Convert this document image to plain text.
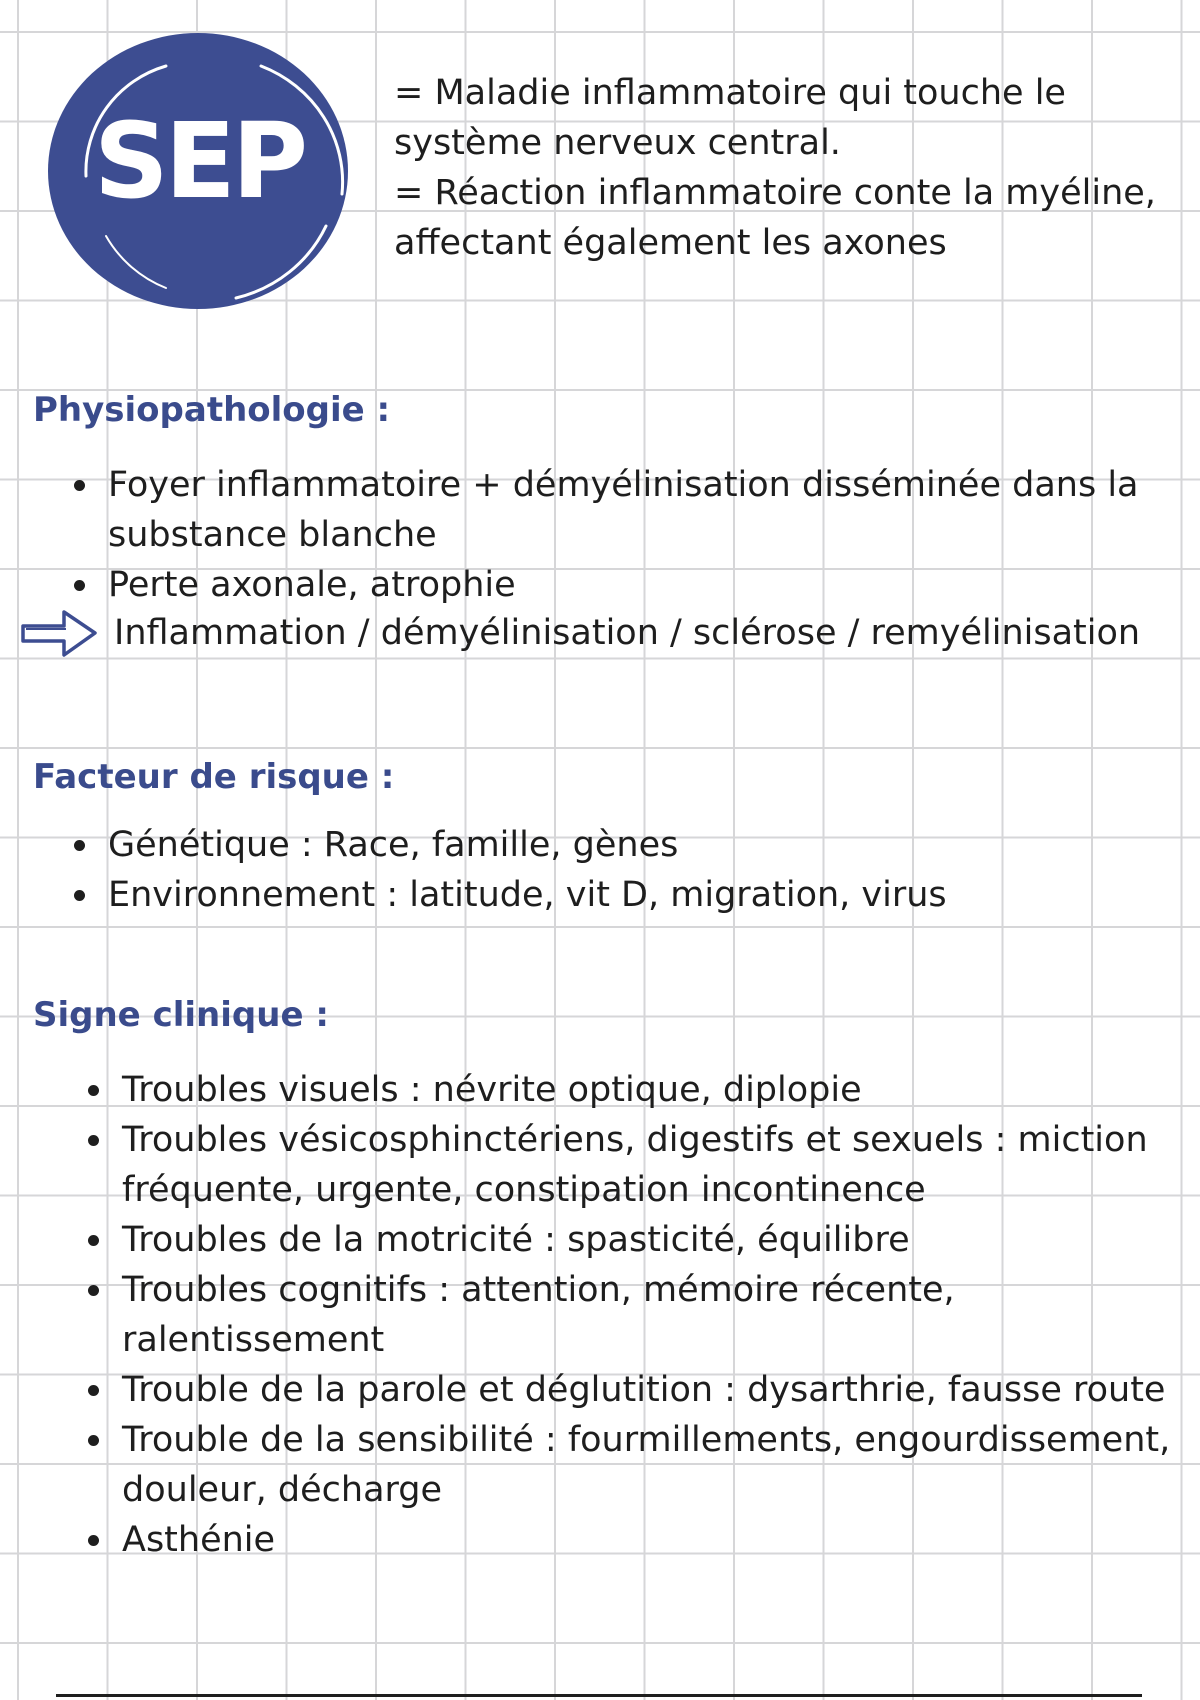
SEP
= Maladie inflammatoire qui touche le
système nerveux central.
= Réaction inflammatoire conte la myéline,
affectant également les axones
Physiopathologie :
Foyer inflammatoire + démyélinisation disséminée dans la
substance blanche
Perte axonale, atrophie
Inflammation / démyélinisation / sclérose / remyélinisation
Facteur de risque :
Génétique : Race, famille, gènes
Environnement : latitude, vit D, migration, virus
Signe clinique :
Troubles visuels : névrite optique, diplopie
Troubles vésicosphinctériens, digestifs et sexuels : miction
fréquente, urgente, constipation incontinence
Troubles de la motricité : spasticité, équilibre
Troubles cognitifs : attention, mémoire récente,
ralentissement
Trouble de la parole et déglutition : dysarthrie, fausse route
Trouble de la sensibilité : fourmillements, engourdissement,
douleur, décharge
Asthénie
